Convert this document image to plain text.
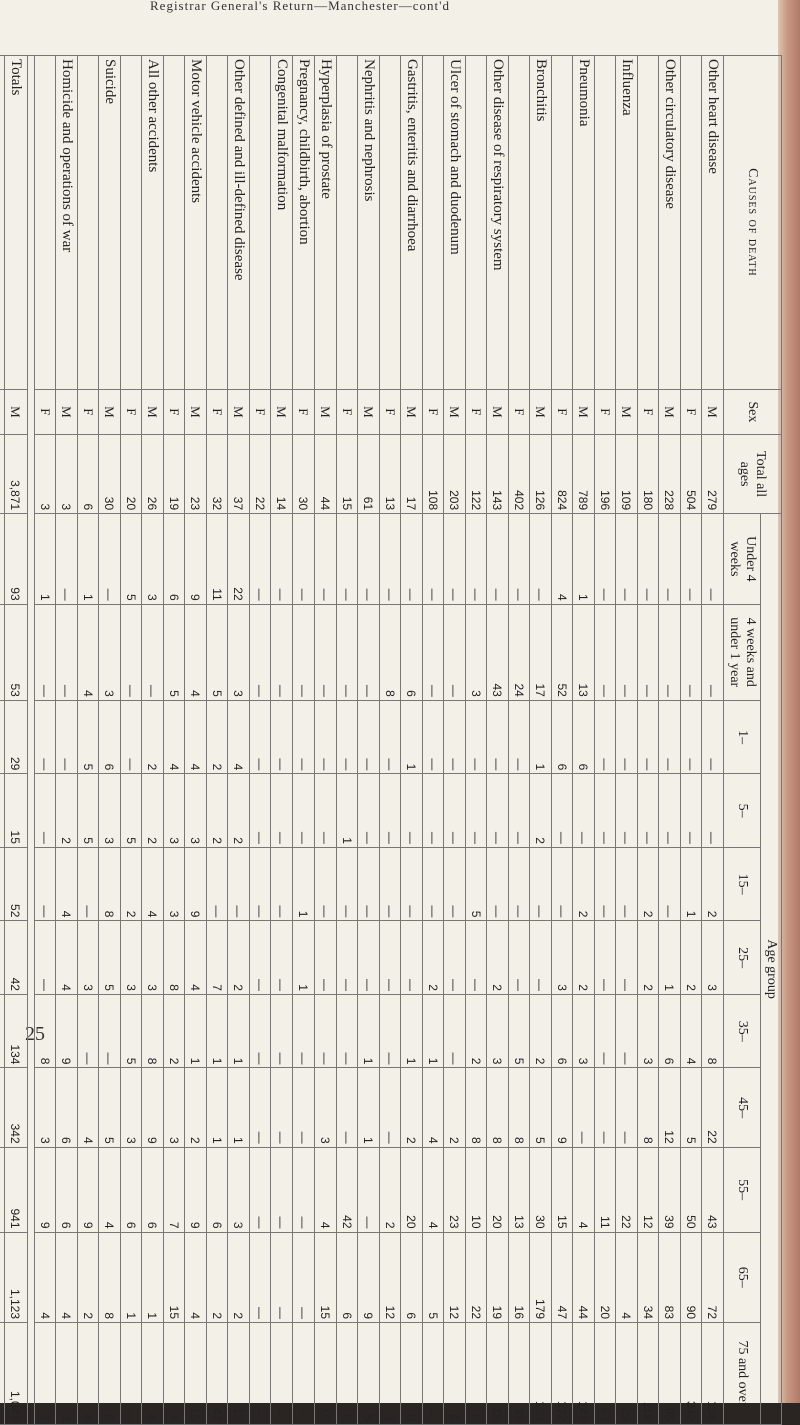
Registrar General's Return—Manchester—cont'd
25
Causes of death	Sex	Total all ages	Age group										
			Under 4 weeks	4 weeks and under 1 year	1–	5–	15–	25–	35–	45–	55–	65–	75 and over
Other heart disease	M	279	—	—	—	—	2	3	8	22	43	72	138
	F	504	—	—	—	—	1	2	4	5	50	90	342
Other circulatory disease	M	228	—	—	—	—	—	1	6	12	39	83	95
	F	180	—	—	—	—	2	2	3	8	12	34	119
Influenza	M	109	—	—	—	—	—	—	—	—	22	4	29
	F	196	—	—	—	—	—	—	—	—	11	20	63
Pneumonia	M	789	1	13	6	—	2	2	3	—	4	44	147
	F	824	4	52	6	—	—	3	6	9	15	47	172
Bronchitis	M	126	—	17	1	2	—	—	2	5	30	179	123
	F	402	—	24	—	—	—	—	5	8	13	16	37
Other disease of respiratory system	M	143	—	43	—	—	—	2	3	8	20	19	15
	F	122	—	3	—	—	5	—	2	8	10	22	6
Ulcer of stomach and duodenum	M	203	—	—	—	—	—	—	—	2	23	12	6
	F	108	—	—	—	—	—	2	1	4	4	5	—
Gastritis, enteritis and diarrhoea	M	17	—	6	1	—	—	—	1	2	20	6	8
	F	13	—	8	—	—	—	—	—	—	2	12	3
Nephritis and nephrosis	M	61	—	—	—	—	—	—	1	1	—	9	5
	F	15	—	—	—	1	—	—	—	—	42	6	6
Hyperplasia of prostate	M	44	—	—	—	—	—	—	—	3	4	15	16
Pregnancy, childbirth, abortion	F	30	—	—	—	—	1	1	—	—	—	—	—
Congenital malformation	M	14	—	—	—	—	—	—	—	—	—	—	—
	F	22	—	—	—	—	—	—	—	—	—	—	—
Other defined and ill-defined disease	M	37	22	3	4	2	—	2	1	1	3	2	17
	F	32	11	5	2	2	—	7	1	1	6	2	47
Motor vehicle accidents	M	23	9	4	4	3	9	4	1	2	9	4	15
	F	19	6	5	4	3	3	8	2	3	7	15	4
All other accidents	M	26	3	—	2	2	4	3	8	9	6	1	8
	F	20	5	—	—	5	2	3	5	3	6	1	—
Suicide	M	30	—	3	6	3	8	5	—	5	4	8	8
	F	6	1	4	5	5	—	3	—	4	9	2	8
Homicide and operations of war	M	3	—	—	—	2	4	4	9	6	6	4	3
	F	3	1	—	—	—	—	—	8	3	9	4	1

Totals	M	3,871	93	53	29	15	52	42	134	342	941	1,123	1,047
